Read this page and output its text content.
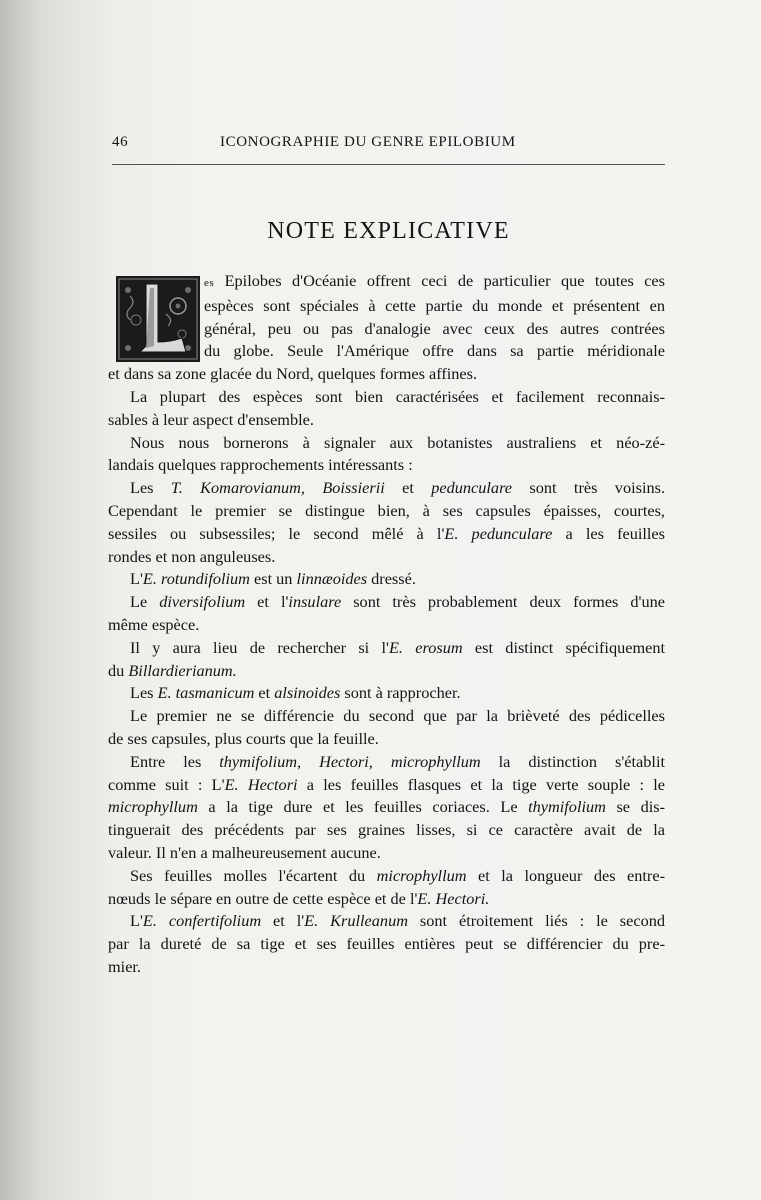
46	ICONOGRAPHIE DU GENRE EPILOBIUM
NOTE EXPLICATIVE
es Epilobes d'Océanie offrent ceci de particulier que toutes ces
espèces sont spéciales à cette partie du monde et présentent en
général, peu ou pas d'analogie avec ceux des autres contrées
du globe. Seule l'Amérique offre dans sa partie méridionale
et dans sa zone glacée du Nord, quelques formes affines.
La plupart des espèces sont bien caractérisées et facilement reconnais-
sables à leur aspect d'ensemble.
Nous nous bornerons à signaler aux botanistes australiens et néo-zé-
landais quelques rapprochements intéressants :
Les T. Komarovianum, Boissierii et pedunculare sont très voisins.
Cependant le premier se distingue bien, à ses capsules épaisses, courtes,
sessiles ou subsessiles; le second mêlé à l'E. pedunculare a les feuilles
rondes et non anguleuses.
L'E. rotundifolium est un linnæoides dressé.
Le diversifolium et l'insulare sont très probablement deux formes d'une
même espèce.
Il y aura lieu de rechercher si l'E. erosum est distinct spécifiquement
du Billardierianum.
Les E. tasmanicum et alsinoides sont à rapprocher.
Le premier ne se différencie du second que par la brièveté des pédicelles
de ses capsules, plus courts que la feuille.
Entre les thymifolium, Hectori, microphyllum la distinction s'établit
comme suit : L'E. Hectori a les feuilles flasques et la tige verte souple : le
microphyllum a la tige dure et les feuilles coriaces. Le thymifolium se dis-
tinguerait des précédents par ses graines lisses, si ce caractère avait de la
valeur. Il n'en a malheureusement aucune.
Ses feuilles molles l'écartent du microphyllum et la longueur des entre-
nœuds le sépare en outre de cette espèce et de l'E. Hectori.
L'E. confertifolium et l'E. Krulleanum sont étroitement liés : le second
par la dureté de sa tige et ses feuilles entières peut se différencier du pre-
mier.
